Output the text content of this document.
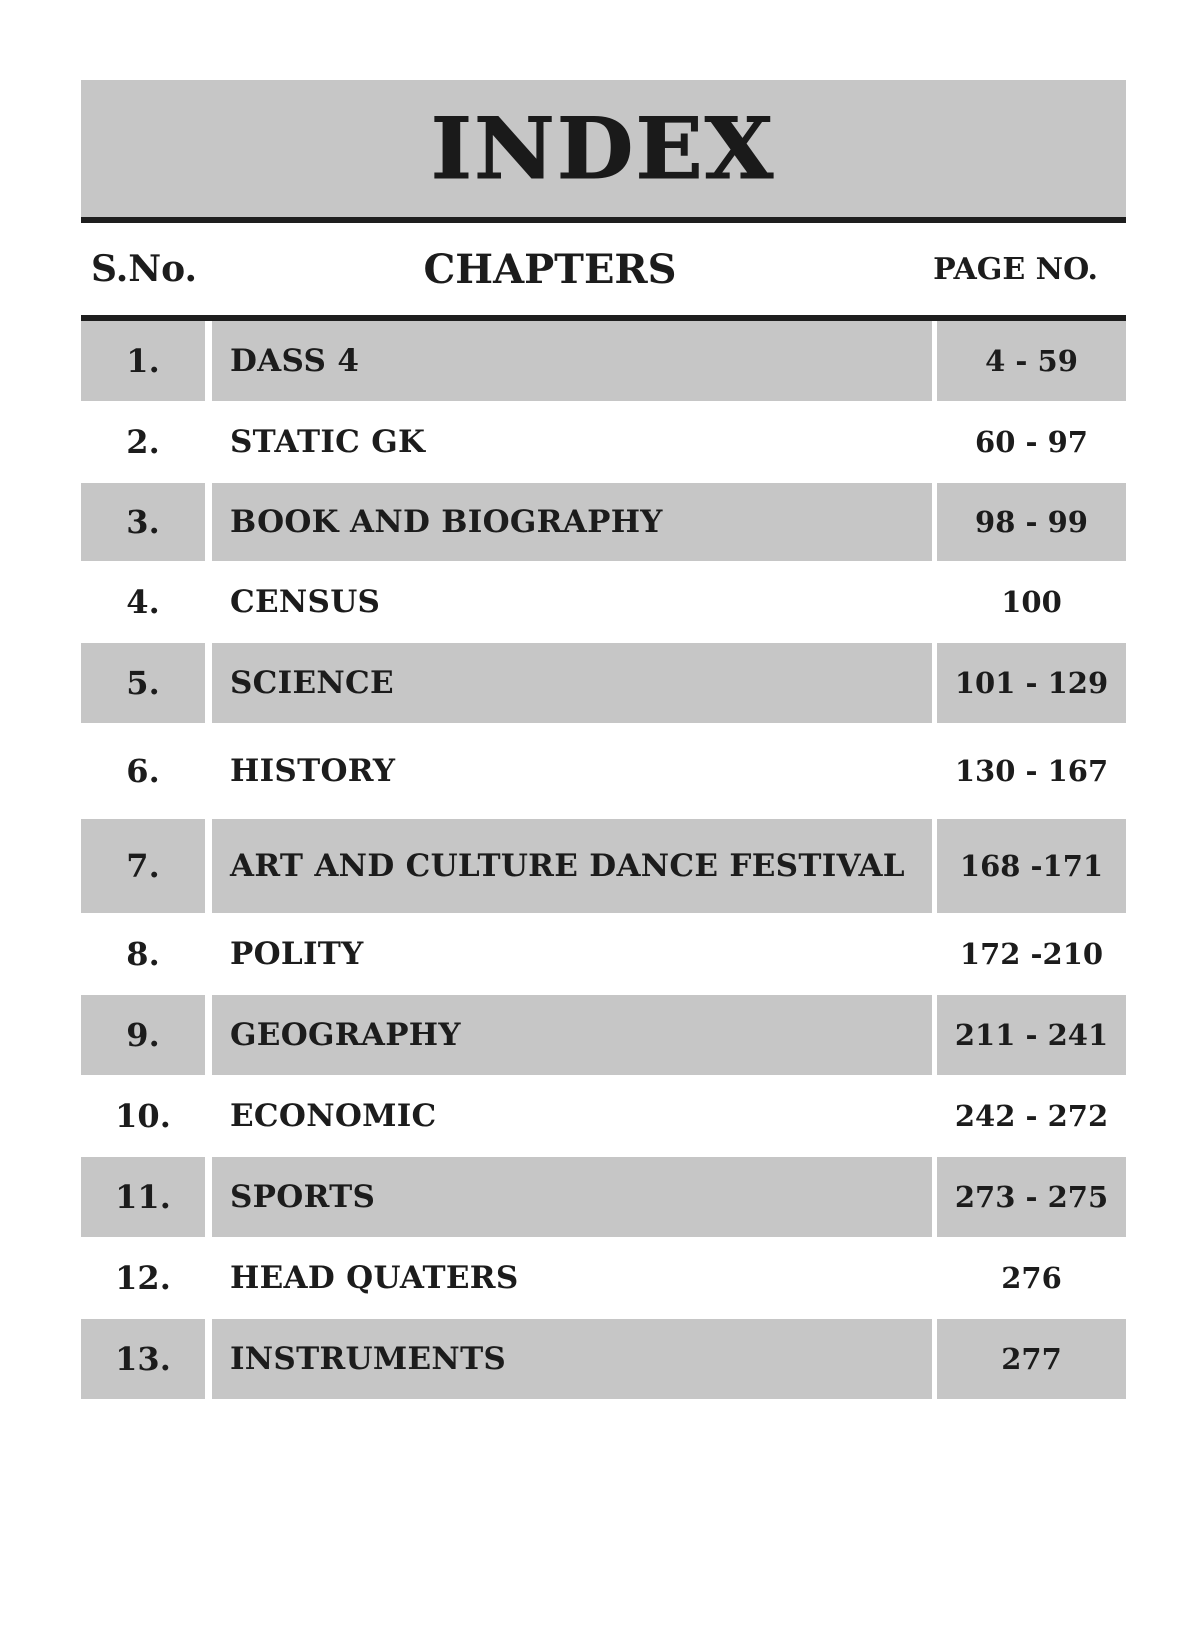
INDEX
S.No.	CHAPTERS	PAGE NO.
1.	DASS 4	4 - 59
2.	STATIC GK	60 - 97
3.	BOOK AND BIOGRAPHY	98 - 99
4.	CENSUS	100
5.	SCIENCE	101 - 129
6.	HISTORY	130 - 167
7.	ART AND CULTURE DANCE FESTIVAL	168 -171
8.	POLITY	172 -210
9.	GEOGRAPHY	211 - 241
10.	ECONOMIC	242 - 272
11.	SPORTS	273 - 275
12.	HEAD QUATERS	276
13.	INSTRUMENTS	277
